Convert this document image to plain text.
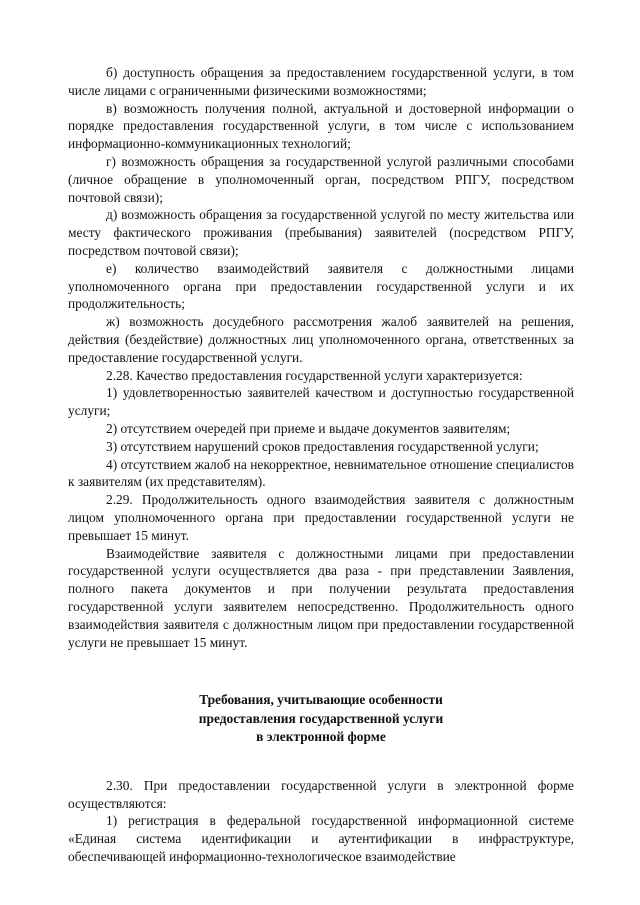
б) доступность обращения за предоставлением государственной услуги, в том числе лицами с ограниченными физическими возможностями;

в) возможность получения полной, актуальной и достоверной информации о порядке предоставления государственной услуги, в том числе с использованием информационно-коммуникационных технологий;

г) возможность обращения за государственной услугой различными способами (личное обращение в уполномоченный орган, посредством РПГУ, посредством почтовой связи);

д) возможность обращения за государственной услугой по месту жительства или месту фактического проживания (пребывания) заявителей (посредством РПГУ, посредством почтовой связи);

е) количество взаимодействий заявителя с должностными лицами уполномоченного органа при предоставлении государственной услуги и их продолжительность;

ж) возможность досудебного рассмотрения жалоб заявителей на решения, действия (бездействие) должностных лиц уполномоченного органа, ответственных за предоставление государственной услуги.

2.28. Качество предоставления государственной услуги характеризуется:

1) удовлетворенностью заявителей качеством и доступностью государственной услуги;

2) отсутствием очередей при приеме и выдаче документов заявителям;

3) отсутствием нарушений сроков предоставления государственной услуги;

4) отсутствием жалоб на некорректное, невнимательное отношение специалистов к заявителям (их представителям).

2.29. Продолжительность одного взаимодействия заявителя с должностным лицом уполномоченного органа при предоставлении государственной услуги не превышает 15 минут.

Взаимодействие заявителя с должностными лицами при предоставлении государственной услуги осуществляется два раза - при представлении Заявления, полного пакета документов и при получении результата предоставления государственной услуги заявителем непосредственно. Продолжительность одного взаимодействия заявителя с должностным лицом при предоставлении государственной услуги не превышает 15 минут.

Требования, учитывающие особенности
предоставления государственной услуги
в электронной форме

2.30. При предоставлении государственной услуги в электронной форме осуществляются:

1) регистрация в федеральной государственной информационной системе «Единая система идентификации и аутентификации в инфраструктуре, обеспечивающей информационно-технологическое взаимодействие
